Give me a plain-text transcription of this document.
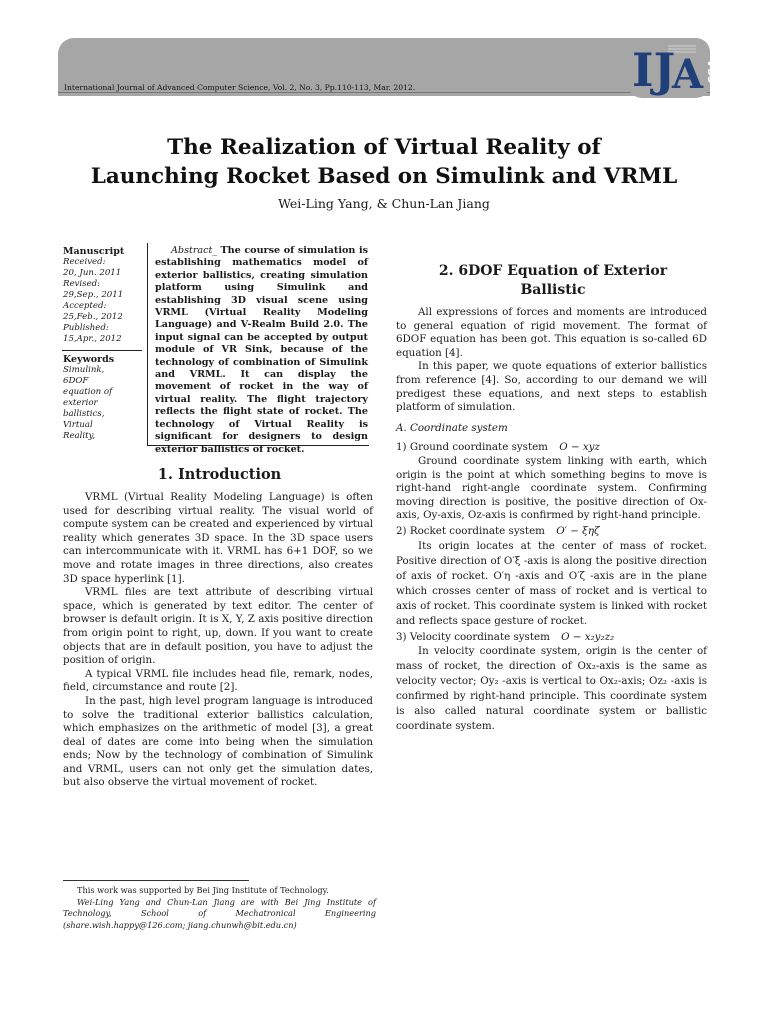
International Journal of Advanced Computer Science, Vol. 2, No. 3, Pp.110-113, Mar. 2012.	IJ
A CSA
The Realization of Virtual Reality of
Launching Rocket Based on Simulink and VRML
Wei-Ling Yang, & Chun-Lan Jiang
Manuscript
Received:
20, Jun. 2011
Revised:
29,Sep., 2011
Accepted:
25,Feb., 2012
Published:
15,Apr., 2012
Keywords
Simulink,
6DOF
equation of
exterior
ballistics,
Virtual
Reality,
Abstract_ The course of simulation is establishing mathematics model of exterior ballistics, creating simulation platform using Simulink and establishing 3D visual scene using VRML (Virtual Reality Modeling Language) and V-Realm Build 2.0. The input signal can be accepted by output module of VR Sink, because of the technology of combination of Simulink and VRML. It can display the movement of rocket in the way of virtual reality. The flight trajectory reflects the flight state of rocket. The technology of Virtual Reality is significant for designers to design exterior ballistics of rocket.
1. Introduction

VRML (Virtual Reality Modeling Language) is often used for describing virtual reality. The visual world of compute system can be created and experienced by virtual reality which generates 3D space. In the 3D space users can intercommunicate with it. VRML has 6+1 DOF, so we move and rotate images in three directions, also creates 3D space hyperlink [1].

VRML files are text attribute of describing virtual space, which is generated by text editor. The center of browser is default origin. It is X, Y, Z axis positive direction from origin point to right, up, down. If you want to create objects that are in default position, you have to adjust the position of origin.

A typical VRML file includes head file, remark, nodes, field, circumstance and route [2].

In the past, high level program language is introduced to solve the traditional exterior ballistics calculation, which emphasizes on the arithmetic of model [3], a great deal of dates are come into being when the simulation ends; Now by the technology of combination of Simulink and VRML, users can not only get the simulation dates, but also observe the virtual movement of rocket.

This work was supported by Bei Jing Institute of Technology.
Wei-Ling Yang and Chun-Lan Jiang are with Bei Jing Institute of Technology, School of Mechatronical Engineering (share.wish.happy@126.com; jiang.chunwh@bit.edu.cn)
2. 6DOF Equation of Exterior
Ballistic

All expressions of forces and moments are introduced to general equation of rigid movement. The format of 6DOF equation has been got. This equation is so-called 6D equation [4].

In this paper, we quote equations of exterior ballistics from reference [4]. So, according to our demand we will predigest these equations, and next steps to establish platform of simulation.

A. Coordinate system
1) Ground coordinate system O − xyz

Ground coordinate system linking with earth, which origin is the point at which something begins to move is right-hand right-angle coordinate system. Confirming moving direction is positive, the positive direction of Ox-axis, Oy-axis, Oz-axis is confirmed by right-hand principle.

2) Rocket coordinate system O′ − ξηζ

Its origin locates at the center of mass of rocket. Positive direction of O′ξ -axis is along the positive direction of axis of rocket. O′η -axis and O′ζ -axis are in the plane which crosses center of mass of rocket and is vertical to axis of rocket. This coordinate system is linked with rocket and reflects space gesture of rocket.

3) Velocity coordinate system O − x₂y₂z₂

In velocity coordinate system, origin is the center of mass of rocket, the direction of Ox₂-axis is the same as velocity vector; Oy₂ -axis is vertical to Ox₂-axis; Oz₂ -axis is confirmed by right-hand principle. This coordinate system is also called natural coordinate system or ballistic coordinate system.
